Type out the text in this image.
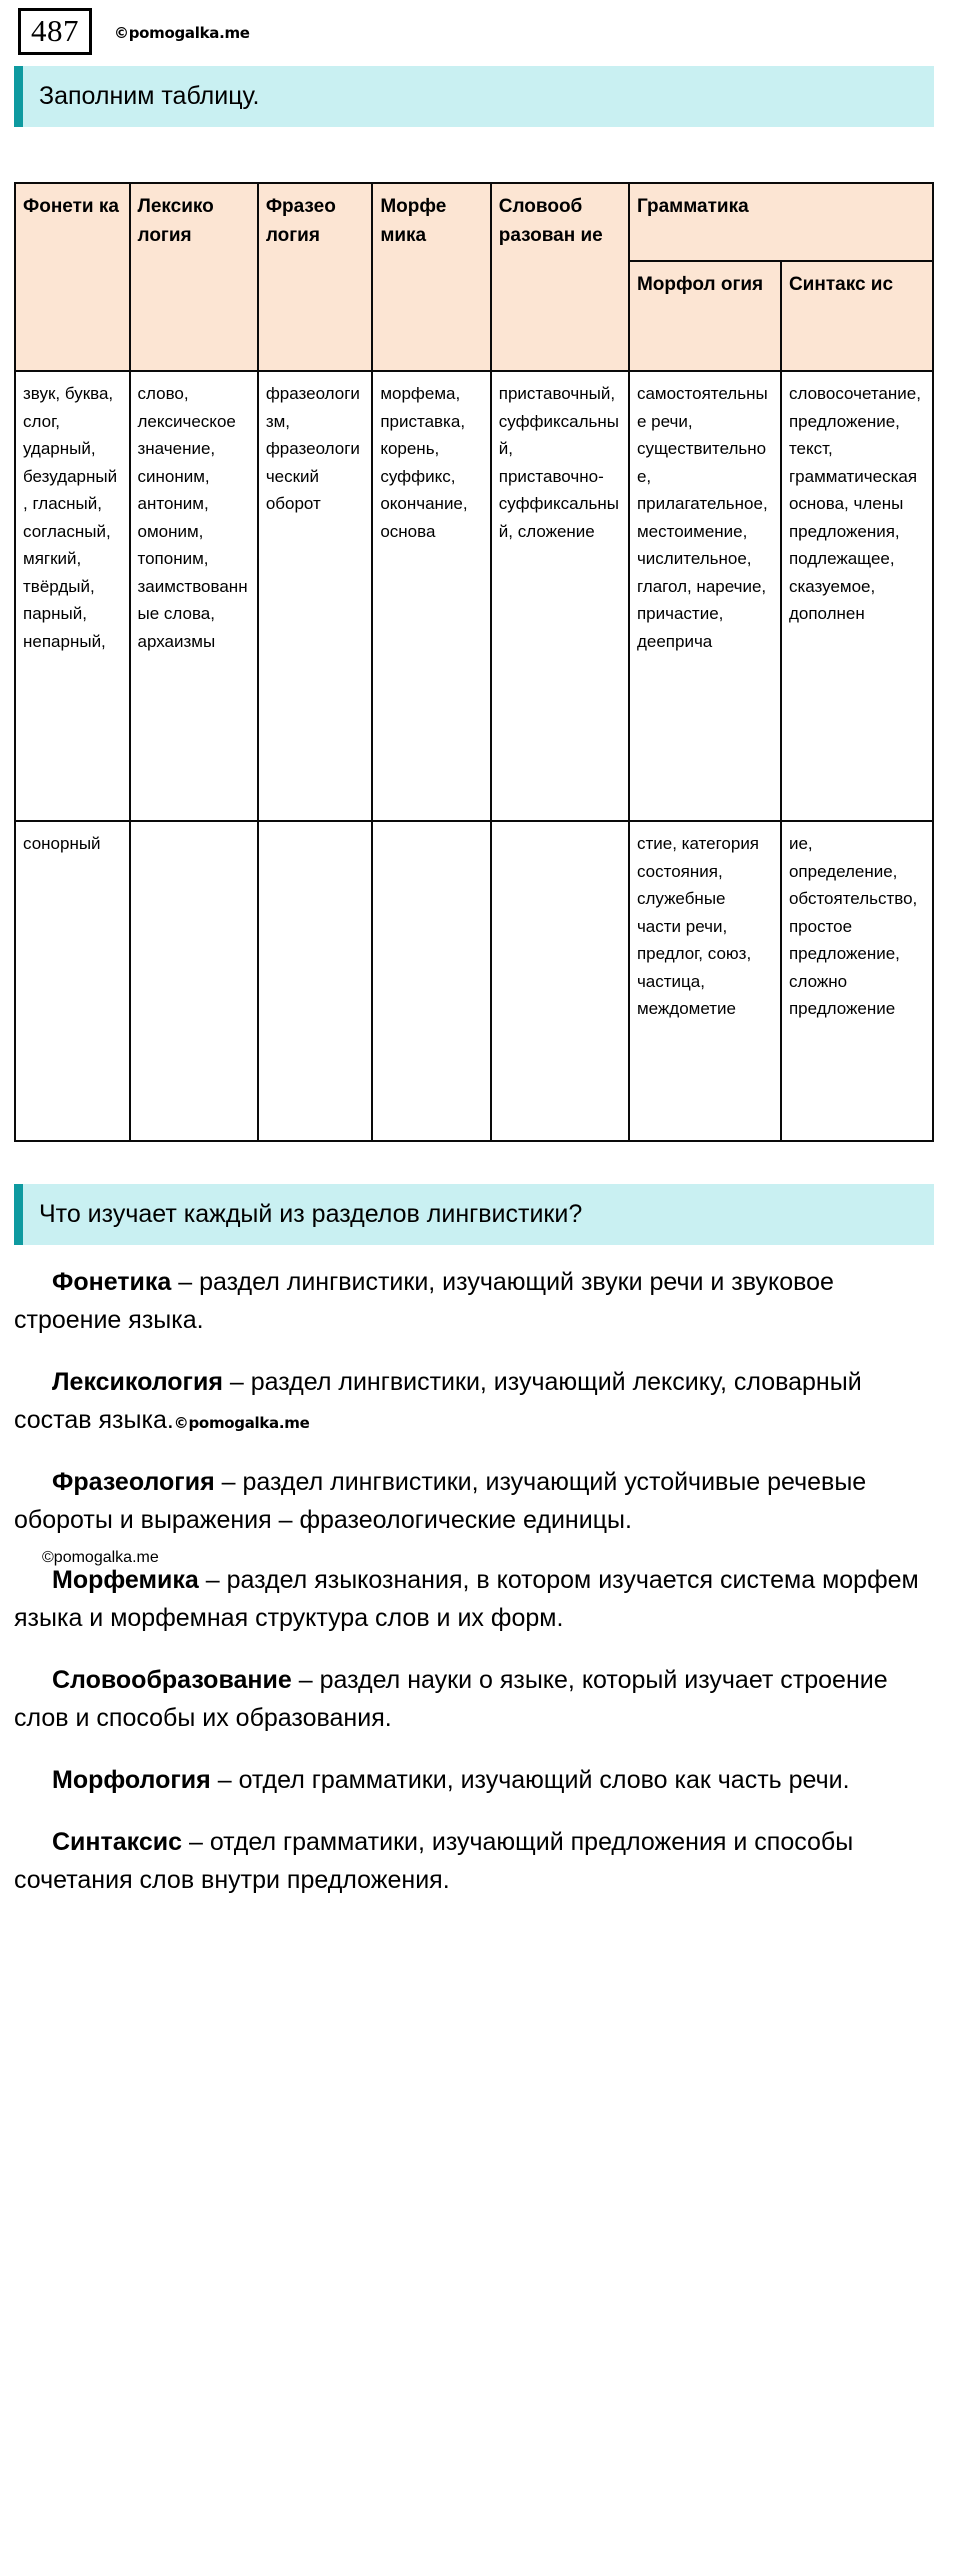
487	©pomogalka.me
Заполним таблицу.
Фонети ка	Лексико логия	Фразео логия	Морфе мика	Словооб разован ие	Грамматика	
					Морфол огия	Синтакс ис
звук, буква, слог, ударный, безударный, гласный, согласный, мягкий, твёрдый, парный, непарный,	слово, лексическое значение, синоним, антоним, омоним, топоним, заимствованные слова, архаизмы	фразеологизм, фразеологический оборот	морфема, приставка, корень, суффикс, окончание, основа	приставочный, суффиксальный, приставочно-суффиксальный, сложение	самостоятельные речи, существительное, прилагательное, местоимение, числительное, глагол, наречие, причастие, дееприча	словосочетание, предложение, текст, грамматическая основа, члены предложения, подлежащее, сказуемое, дополнен
сонорный					стие, категория состояния, служебные части речи, предлог, союз, частица, междометие	ие, определение, обстоятельство, простое предложение, сложно предложение
Что изучает каждый из разделов лингвистики?

Фонетика – раздел лингвистики, изучающий звуки речи и звуковое строение языка.

Лексикология – раздел лингвистики, изучающий лексику, словарный состав языка.©pomogalka.me

Фразеология – раздел лингвистики, изучающий устойчивые речевые обороты и выражения – фразеологические единицы.

©pomogalka.me

Морфемика – раздел языкознания, в котором изучается система морфем языка и морфемная структура слов и их форм.

Словообразование – раздел науки о языке, который изучает строение слов и способы их образования.

Морфология – отдел грамматики, изучающий слово как часть речи.

Синтаксис – отдел грамматики, изучающий предложения и способы сочетания слов внутри предложения.
